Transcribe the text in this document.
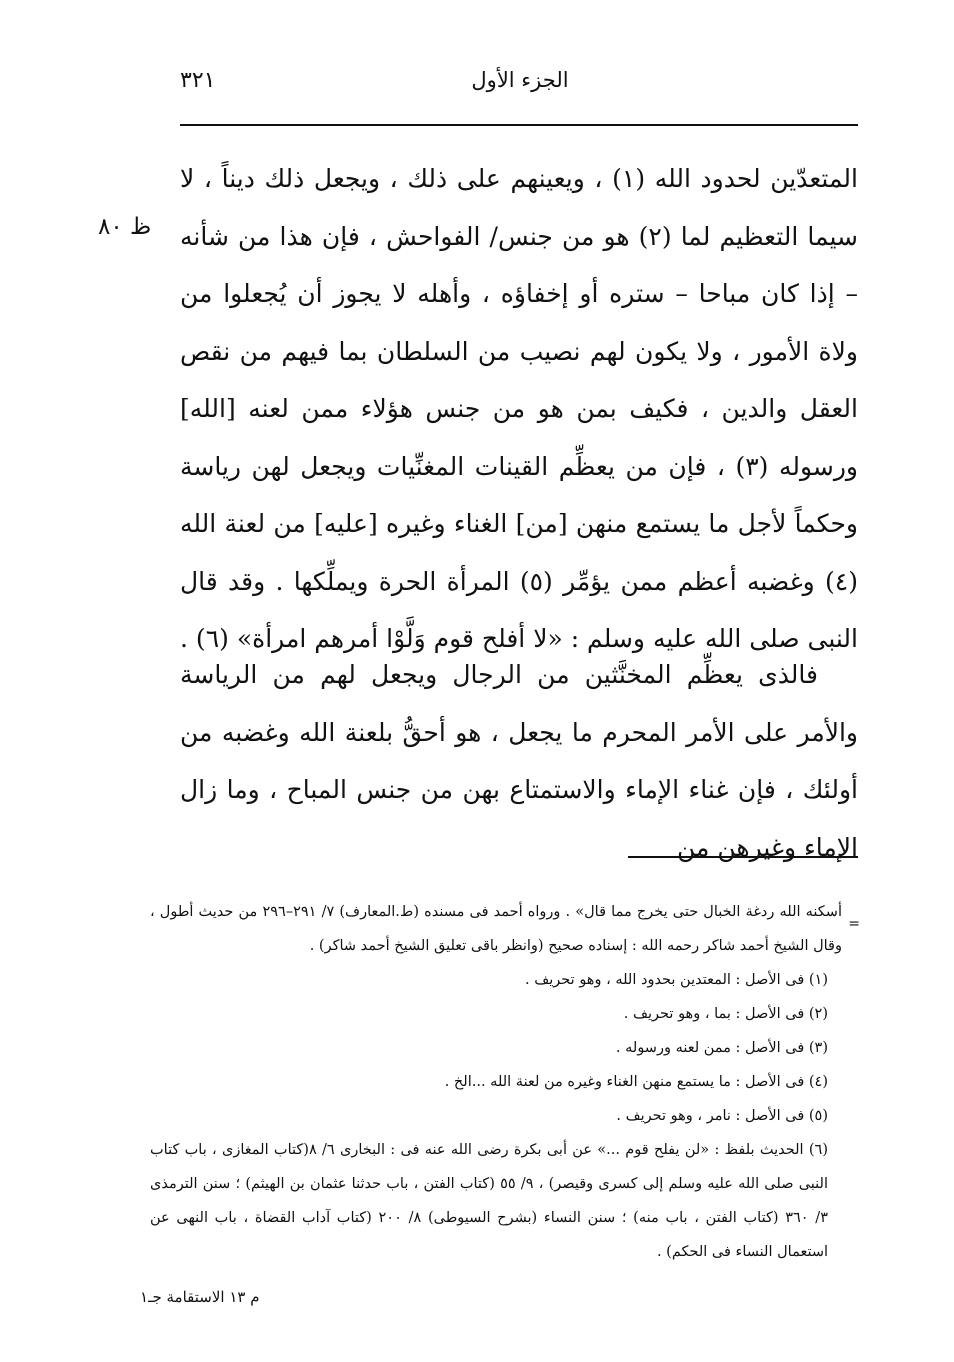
الجزء الأول
٣٢١
ظ ٨٠
المتعدّين لحدود الله (١) ، ويعينهم على ذلك ، ويجعل ذلك ديناً ، لا سيما التعظيم لما (٢) هو من جنس/ الفواحش ، فإن هذا من شأنه – إذا كان مباحا – ستره أو إخفاؤه ، وأهله لا يجوز أن يُجعلوا من ولاة الأمور ، ولا يكون لهم نصيب من السلطان بما فيهم من نقص العقل والدين ، فكيف بمن هو من جنس هؤلاء ممن لعنه [الله] ورسوله (٣) ، فإن من يعظِّم القينات المغنِّيات ويجعل لهن رياسة وحكماً لأجل ما يستمع منهن [من] الغناء وغيره [عليه] من لعنة الله (٤) وغضبه أعظم ممن يؤمِّر (٥) المرأة الحرة ويملِّكها . وقد قال النبى صلى الله عليه وسلم : «لا أفلح قوم وَلَّوْا أمرهم امرأة» (٦) .
فالذى يعظِّم المخنَّثين من الرجال ويجعل لهم من الرياسة والأمر على الأمر المحرم ما يجعل ، هو أحقُّ بلعنة الله وغضبه من أولئك ، فإن غناء الإماء والاستمتاع بهن من جنس المباح ، وما زال الإماء وغيرهن من
=

أسكنه الله ردغة الخبال حتى يخرج مما قال» . ورواه أحمد فى مسنده (ط.المعارف) ٧/ ٢٩١–٢٩٦ من حديث أطول ، وقال الشيخ أحمد شاكر رحمه الله : إسناده صحيح (وانظر باقى تعليق الشيخ أحمد شاكر) .

(١) فى الأصل : المعتدين بحدود الله ، وهو تحريف .

(٢) فى الأصل : بما ، وهو تحريف .

(٣) فى الأصل : ممن لعنه ورسوله .

(٤) فى الأصل : ما يستمع منهن الغناء وغيره من لعنة الله ...الخ .

(٥) فى الأصل : نامر ، وهو تحريف .

(٦) الحديث بلفظ : «لن يفلح قوم ...» عن أبى بكرة رضى الله عنه فى : البخارى ٦/ ٨(كتاب المغازى ، باب كتاب النبى صلى الله عليه وسلم إلى كسرى وقيصر) ، ٩/ ٥٥ (كتاب الفتن ، باب حدثنا عثمان بن الهيثم) ؛ سنن الترمذى ٣/ ٣٦٠ (كتاب الفتن ، باب منه) ؛ سنن النساء (بشرح السيوطى) ٨/ ٢٠٠ (كتاب آداب القضاة ، باب النهى عن استعمال النساء فى الحكم) .

م ١٣ الاستقامة جـ١
